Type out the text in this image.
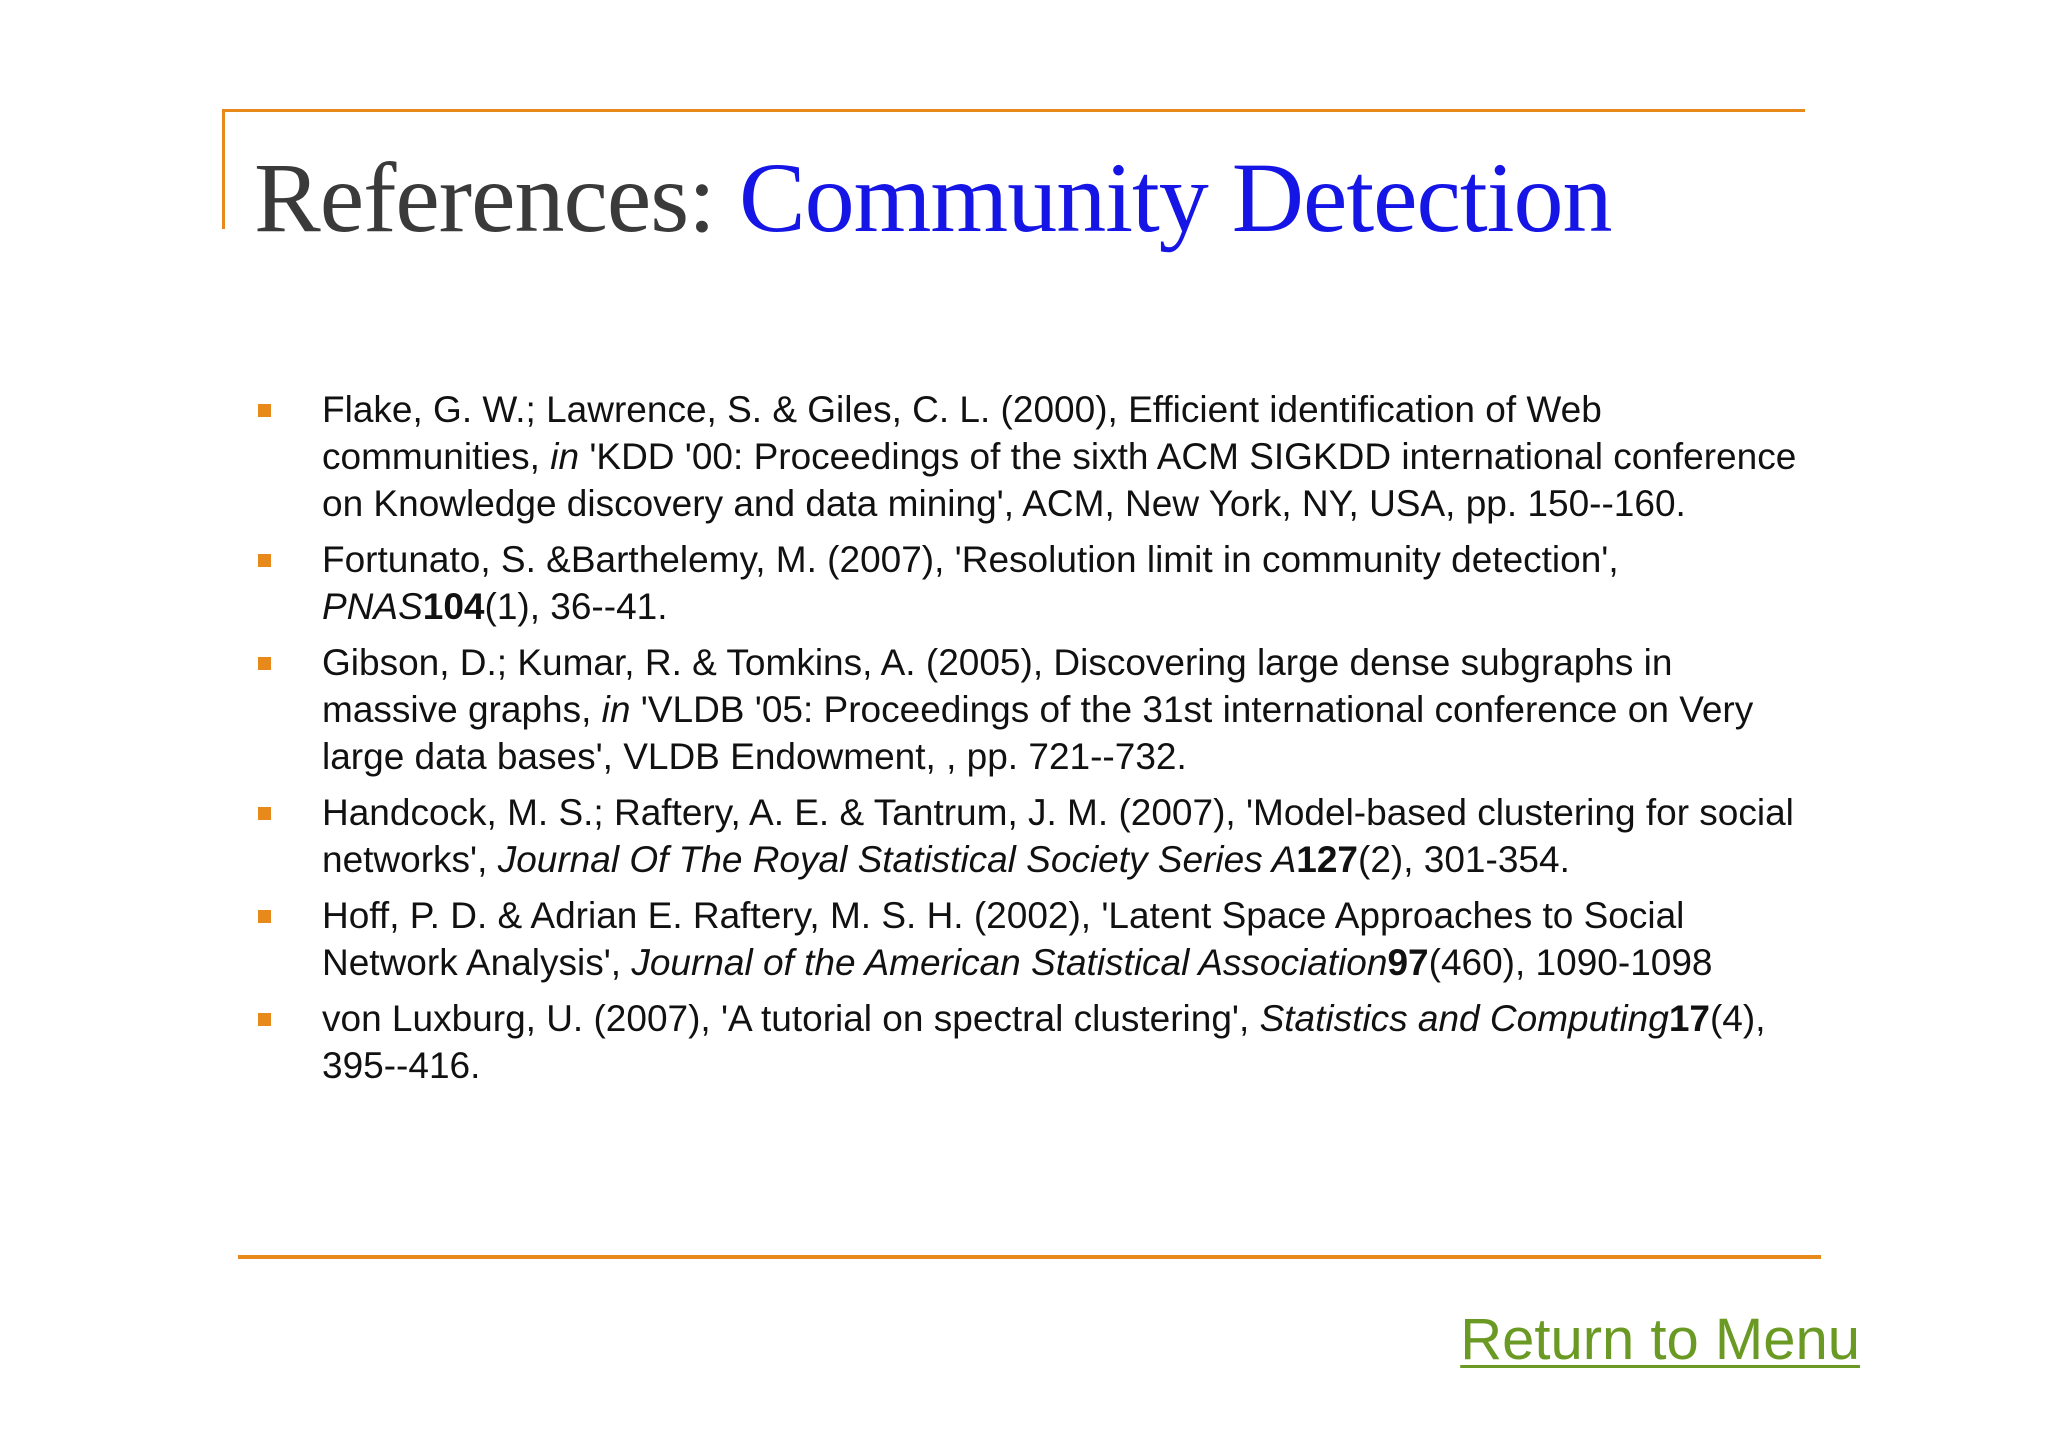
References: Community Detection
Flake, G. W.; Lawrence, S. & Giles, C. L. (2000), Efficient identification of Web communities, in 'KDD '00: Proceedings of the sixth ACM SIGKDD international conference on Knowledge discovery and data mining', ACM, New York, NY, USA, pp. 150--160.
Fortunato, S. &Barthelemy, M. (2007), 'Resolution limit in community detection', PNAS104(1), 36--41.
Gibson, D.; Kumar, R. & Tomkins, A. (2005), Discovering large dense subgraphs in massive graphs, in 'VLDB '05: Proceedings of the 31st international conference on Very large data bases', VLDB Endowment, , pp. 721--732.
Handcock, M. S.; Raftery, A. E. & Tantrum, J. M. (2007), 'Model-based clustering for social networks', Journal Of The Royal Statistical Society Series A127(2), 301-354.
Hoff, P. D. & Adrian E. Raftery, M. S. H. (2002), 'Latent Space Approaches to Social Network Analysis', Journal of the American Statistical Association97(460), 1090-1098
von Luxburg, U. (2007), 'A tutorial on spectral clustering', Statistics and Computing17(4), 395--416.
Return to Menu
